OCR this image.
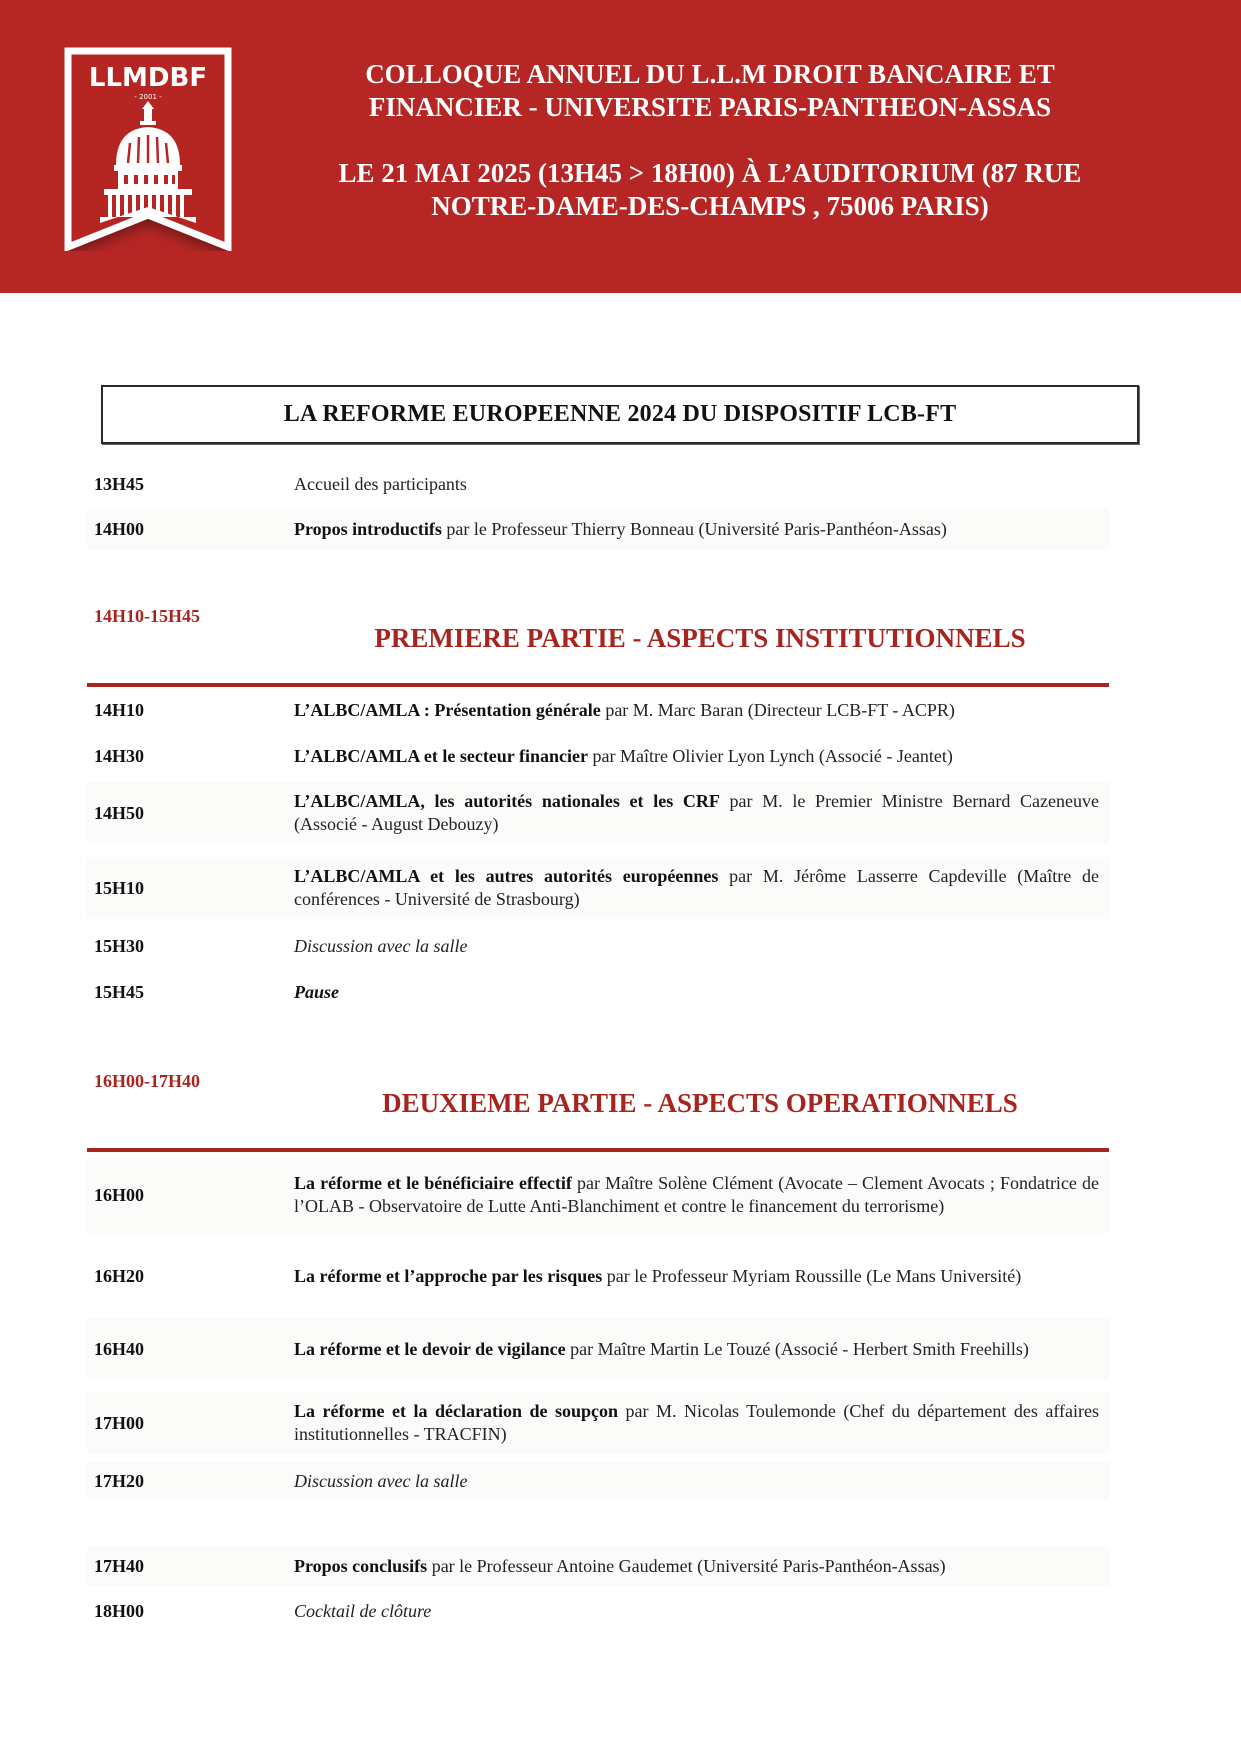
LLMDBF
- 2001 -
COLLOQUE ANNUEL DU L.L.M DROIT BANCAIRE ET
FINANCIER - UNIVERSITE PARIS-PANTHEON-ASSAS
LE 21 MAI 2025 (13H45 > 18H00) À L’AUDITORIUM (87 RUE
NOTRE-DAME-DES-CHAMPS , 75006 PARIS)
LA REFORME EUROPEENNE 2024 DU DISPOSITIF LCB-FT
13H45	Accueil des participants
14H00	Propos introductifs par le Professeur Thierry Bonneau (Université Paris-Panthéon-Assas)
14H10-15H45
PREMIERE PARTIE - ASPECTS INSTITUTIONNELS
14H10	L’ALBC/AMLA : Présentation générale par M. Marc Baran (Directeur LCB-FT - ACPR)
14H30	L’ALBC/AMLA et le secteur financier par Maître Olivier Lyon Lynch (Associé - Jeantet)
14H50
L’ALBC/AMLA, les autorités nationales et les CRF par M. le Premier Ministre Bernard Cazeneuve (Associé - August Debouzy)
15H10
L’ALBC/AMLA et les autres autorités européennes par M. Jérôme Lasserre Capdeville (Maître de conférences - Université de Strasbourg)
15H30	Discussion avec la salle
15H45	Pause
16H00-17H40
DEUXIEME PARTIE - ASPECTS OPERATIONNELS
16H00
La réforme et le bénéficiaire effectif par Maître Solène Clément (Avocate – Clement Avocats ; Fondatrice de l’OLAB - Observatoire de Lutte Anti-Blanchiment et contre le financement du terrorisme)
16H20	La réforme et l’approche par les risques par le Professeur Myriam Roussille (Le Mans Université)
16H40	La réforme et le devoir de vigilance par Maître Martin Le Touzé (Associé - Herbert Smith Freehills)
17H00
La réforme et la déclaration de soupçon par M. Nicolas Toulemonde (Chef du département des affaires institutionnelles - TRACFIN)
17H20	Discussion avec la salle
17H40	Propos conclusifs par le Professeur Antoine Gaudemet (Université Paris-Panthéon-Assas)
18H00	Cocktail de clôture
